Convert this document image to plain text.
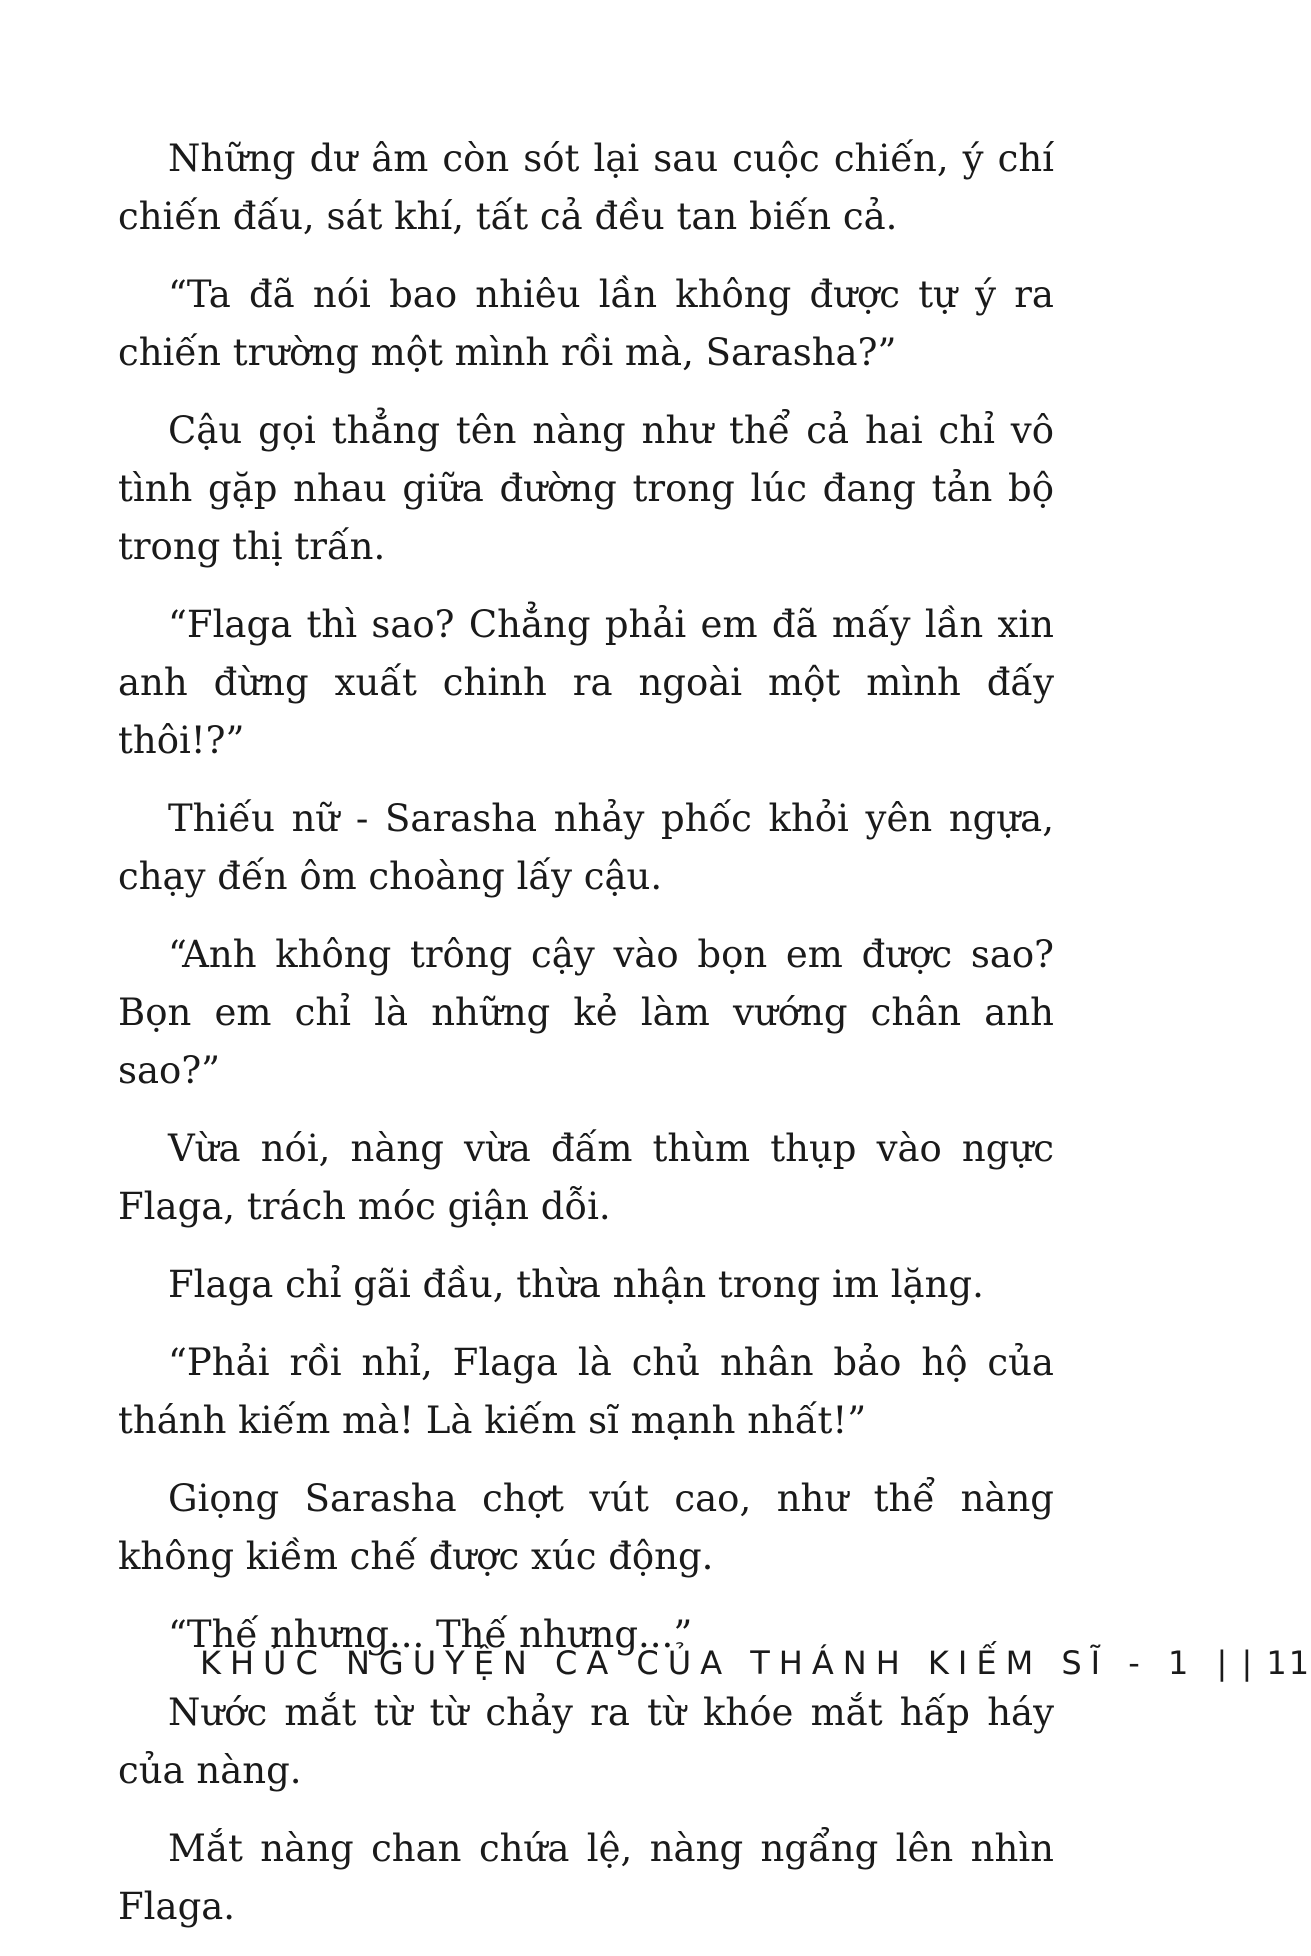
Những dư âm còn sót lại sau cuộc chiến, ý chí chiến đấu, sát khí, tất cả đều tan biến cả.

“Ta đã nói bao nhiêu lần không được tự ý ra chiến trường một mình rồi mà, Sarasha?”

Cậu gọi thẳng tên nàng như thể cả hai chỉ vô tình gặp nhau giữa đường trong lúc đang tản bộ trong thị trấn.

“Flaga thì sao? Chẳng phải em đã mấy lần xin anh đừng xuất chinh ra ngoài một mình đấy thôi!?”

Thiếu nữ - Sarasha nhảy phốc khỏi yên ngựa, chạy đến ôm choàng lấy cậu.

“Anh không trông cậy vào bọn em được sao? Bọn em chỉ là những kẻ làm vướng chân anh sao?”

Vừa nói, nàng vừa đấm thùm thụp vào ngực Flaga, trách móc giận dỗi.

Flaga chỉ gãi đầu, thừa nhận trong im lặng.

“Phải rồi nhỉ, Flaga là chủ nhân bảo hộ của thánh kiếm mà! Là kiếm sĩ mạnh nhất!”

Giọng Sarasha chợt vút cao, như thể nàng không kiềm chế được xúc động.

“Thế nhưng... Thế nhưng...”

Nước mắt từ từ chảy ra từ khóe mắt hấp háy của nàng.

Mắt nàng chan chứa lệ, nàng ngẩng lên nhìn Flaga.

KHÚC NGUYỆN CA CỦA THÁNH KIẾM SĨ - 1 | | 11
